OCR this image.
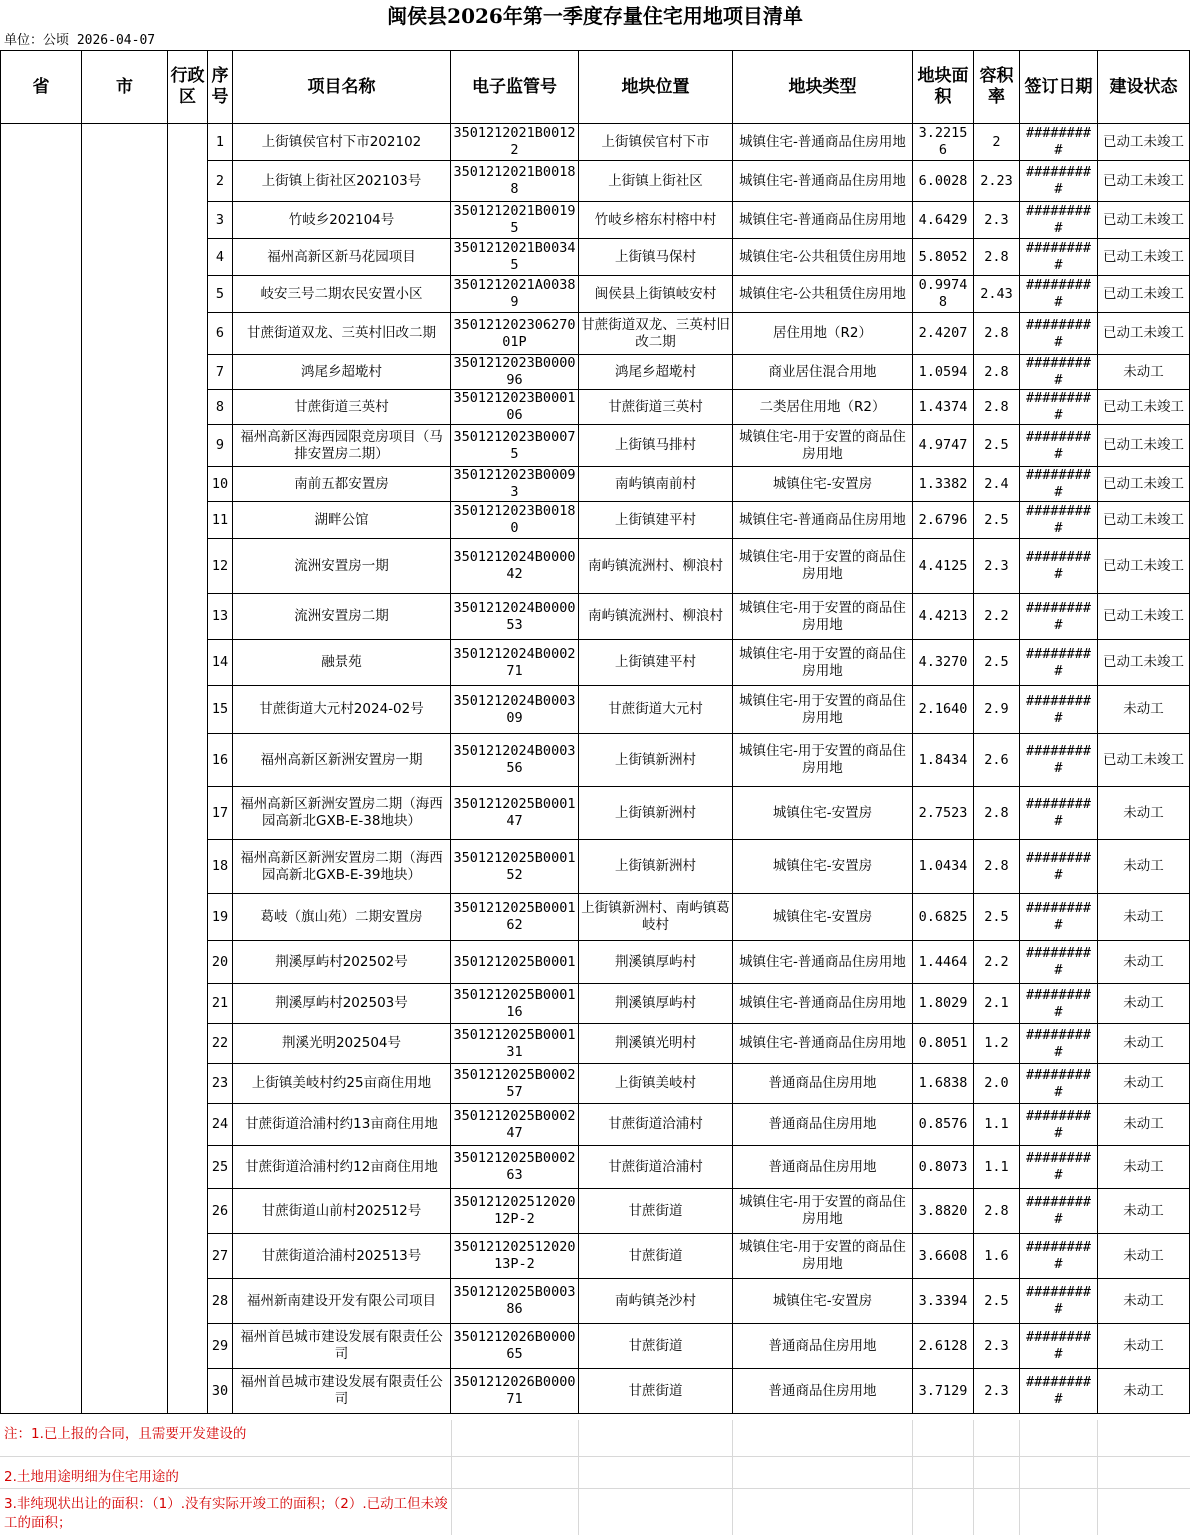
闽侯县2026年第一季度存量住宅用地项目清单
单位：公顷 2026-04-07
省	市	行政区	序号	项目名称	电子监管号	地块位置	地块类型	地块面积	容积率	签订日期	建设状态
			1	上街镇侯官村下市202102	3501212021B00122	上街镇侯官村下市	城镇住宅-普通商品住房用地	3.22156	2	#########	已动工未竣工
			2	上街镇上街社区202103号	3501212021B00188	上街镇上街社区	城镇住宅-普通商品住房用地	6.0028	2.23	#########	已动工未竣工
			3	竹岐乡202104号	3501212021B00195	竹岐乡榕东村榕中村	城镇住宅-普通商品住房用地	4.6429	2.3	#########	已动工未竣工
			4	福州高新区新马花园项目	3501212021B00345	上街镇马保村	城镇住宅-公共租赁住房用地	5.8052	2.8	#########	已动工未竣工
			5	岐安三号二期农民安置小区	3501212021A00389	闽侯县上街镇岐安村	城镇住宅-公共租赁住房用地	0.99748	2.43	#########	已动工未竣工
			6	甘蔗街道双龙、三英村旧改二期	350121202306270 01P	甘蔗街道双龙、三英村旧改二期	居住用地（R2）	2.4207	2.8	#########	已动工未竣工
			7	鸿尾乡超墘村	3501212023B000096	鸿尾乡超墘村	商业居住混合用地	1.0594	2.8	#########	未动工
			8	甘蔗街道三英村	3501212023B000106	甘蔗街道三英村	二类居住用地（R2）	1.4374	2.8	#########	已动工未竣工
			9	福州高新区海西园限竞房项目（马排安置房二期）	3501212023B00075	上街镇马排村	城镇住宅-用于安置的商品住房用地	4.9747	2.5	#########	已动工未竣工
			10	南前五都安置房	3501212023B00093	南屿镇南前村	城镇住宅-安置房	1.3382	2.4	#########	已动工未竣工
			11	湖畔公馆	3501212023B00180	上街镇建平村	城镇住宅-普通商品住房用地	2.6796	2.5	#########	已动工未竣工
			12	流洲安置房一期	3501212024B000042	南屿镇流洲村、柳浪村	城镇住宅-用于安置的商品住房用地	4.4125	2.3	#########	已动工未竣工
			13	流洲安置房二期	3501212024B000053	南屿镇流洲村、柳浪村	城镇住宅-用于安置的商品住房用地	4.4213	2.2	#########	已动工未竣工
			14	融景苑	3501212024B000271	上街镇建平村	城镇住宅-用于安置的商品住房用地	4.3270	2.5	#########	已动工未竣工
			15	甘蔗街道大元村2024-02号	3501212024B000309	甘蔗街道大元村	城镇住宅-用于安置的商品住房用地	2.1640	2.9	#########	未动工
			16	福州高新区新洲安置房一期	3501212024B000356	上街镇新洲村	城镇住宅-用于安置的商品住房用地	1.8434	2.6	#########	已动工未竣工
			17	福州高新区新洲安置房二期（海西园高新北GXB-E-38地块）	3501212025B000147	上街镇新洲村	城镇住宅-安置房	2.7523	2.8	#########	未动工
			18	福州高新区新洲安置房二期（海西园高新北GXB-E-39地块）	3501212025B000152	上街镇新洲村	城镇住宅-安置房	1.0434	2.8	#########	未动工
			19	葛岐（旗山苑）二期安置房	3501212025B000162	上街镇新洲村、南屿镇葛岐村	城镇住宅-安置房	0.6825	2.5	#########	未动工
			20	荆溪厚屿村202502号	3501212025B0001	荆溪镇厚屿村	城镇住宅-普通商品住房用地	1.4464	2.2	#########	未动工
			21	荆溪厚屿村202503号	3501212025B000116	荆溪镇厚屿村	城镇住宅-普通商品住房用地	1.8029	2.1	#########	未动工
			22	荆溪光明202504号	3501212025B000131	荆溪镇光明村	城镇住宅-普通商品住房用地	0.8051	1.2	#########	未动工
			23	上街镇美岐村约25亩商住用地	3501212025B000257	上街镇美岐村	普通商品住房用地	1.6838	2.0	#########	未动工
			24	甘蔗街道洽浦村约13亩商住用地	3501212025B000247	甘蔗街道洽浦村	普通商品住房用地	0.8576	1.1	#########	未动工
			25	甘蔗街道洽浦村约12亩商住用地	3501212025B000263	甘蔗街道洽浦村	普通商品住房用地	0.8073	1.1	#########	未动工
			26	甘蔗街道山前村202512号	35012120251202012P-2	甘蔗街道	城镇住宅-用于安置的商品住房用地	3.8820	2.8	#########	未动工
			27	甘蔗街道洽浦村202513号	35012120251202013P-2	甘蔗街道	城镇住宅-用于安置的商品住房用地	3.6608	1.6	#########	未动工
			28	福州新南建设开发有限公司项目	3501212025B000386	南屿镇尧沙村	城镇住宅-安置房	3.3394	2.5	#########	未动工
			29	福州首邑城市建设发展有限责任公司	3501212026B000065	甘蔗街道	普通商品住房用地	2.6128	2.3	#########	未动工
			30	福州首邑城市建设发展有限责任公司	3501212026B000071	甘蔗街道	普通商品住房用地	3.7129	2.3	#########	未动工
注：1.已上报的合同，且需要开发建设的
2.土地用途明细为住宅用途的
3.非纯现状出让的面积：（1）.没有实际开竣工的面积；（2）.已动工但未竣工的面积；
